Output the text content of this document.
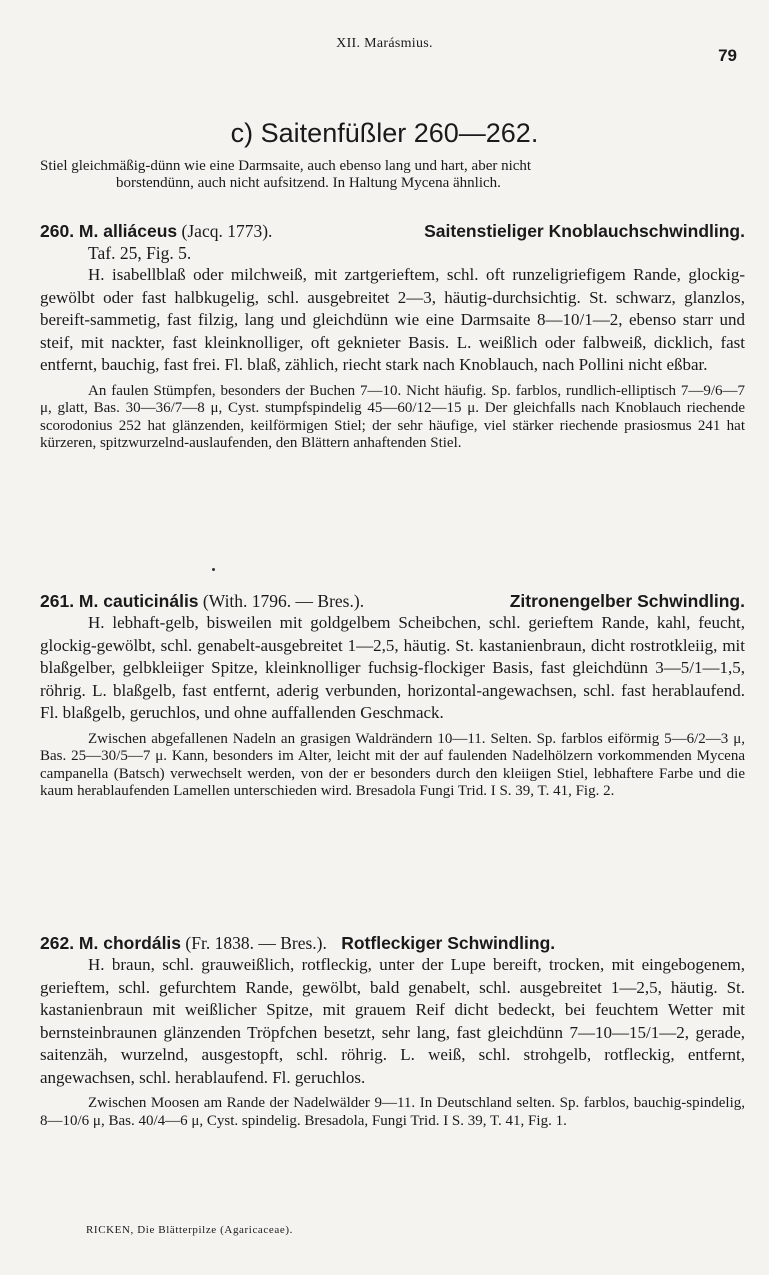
XII. Marásmius.
79
c) Saitenfüßler 260—262.
Stiel gleichmäßig-dünn wie eine Darmsaite, auch ebenso lang und hart, aber nicht
borstendünn, auch nicht aufsitzend. In Haltung Mycena ähnlich.
Saitenstieliger Knoblauchschwindling.
260. M. alliáceus (Jacq. 1773).
Taf. 25, Fig. 5.

H. isabellblaß oder milchweiß, mit zartgerieftem, schl. oft runzeligriefigem Rande, glockig-gewölbt oder fast halbkugelig, schl. ausgebreitet 2—3, häutig-durchsichtig. St. schwarz, glanzlos, bereift-sammetig, fast filzig, lang und gleichdünn wie eine Darmsaite 8—10/1—2, ebenso starr und steif, mit nackter, fast kleinknolliger, oft geknieter Basis. L. weißlich oder falbweiß, dicklich, fast entfernt, bauchig, fast frei. Fl. blaß, zählich, riecht stark nach Knoblauch, nach Pollini nicht eßbar.

An faulen Stümpfen, besonders der Buchen 7—10. Nicht häufig. Sp. farblos, rundlich-elliptisch 7—9/6—7 μ, glatt, Bas. 30—36/7—8 μ, Cyst. stumpfspindelig 45—60/12—15 μ. Der gleichfalls nach Knoblauch riechende scorodonius 252 hat glänzenden, keilförmigen Stiel; der sehr häufige, viel stärker riechende prasiosmus 241 hat kürzeren, spitzwurzelnd-auslaufenden, den Blättern anhaftenden Stiel.

Zitronengelber Schwindling.
261. M. cauticinális (With. 1796. — Bres.).

H. lebhaft-gelb, bisweilen mit goldgelbem Scheibchen, schl. gerieftem Rande, kahl, feucht, glockig-gewölbt, schl. genabelt-ausgebreitet 1—2,5, häutig. St. kastanienbraun, dicht rostrotkleiig, mit blaßgelber, gelbkleiiger Spitze, kleinknolliger fuchsig-flockiger Basis, fast gleichdünn 3—5/1—1,5, röhrig. L. blaßgelb, fast entfernt, aderig verbunden, horizontal-angewachsen, schl. fast herablaufend. Fl. blaßgelb, geruchlos, und ohne auffallenden Geschmack.

Zwischen abgefallenen Nadeln an grasigen Waldrändern 10—11. Selten. Sp. farblos eiförmig 5—6/2—3 μ, Bas. 25—30/5—7 μ. Kann, besonders im Alter, leicht mit der auf faulenden Nadelhölzern vorkommenden Mycena campanella (Batsch) verwechselt werden, von der er besonders durch den kleiigen Stiel, lebhaftere Farbe und die kaum herablaufenden Lamellen unterschieden wird. Bresadola Fungi Trid. I S. 39, T. 41, Fig. 2.

262. M. chordális (Fr. 1838. — Bres.). Rotfleckiger Schwindling.

H. braun, schl. grauweißlich, rotfleckig, unter der Lupe bereift, trocken, mit eingebogenem, gerieftem, schl. gefurchtem Rande, gewölbt, bald genabelt, schl. ausgebreitet 1—2,5, häutig. St. kastanienbraun mit weißlicher Spitze, mit grauem Reif dicht bedeckt, bei feuchtem Wetter mit bernsteinbraunen glänzenden Tröpfchen besetzt, sehr lang, fast gleichdünn 7—10—15/1—2, gerade, saitenzäh, wurzelnd, ausgestopft, schl. röhrig. L. weiß, schl. strohgelb, rotfleckig, entfernt, angewachsen, schl. herablaufend. Fl. geruchlos.

Zwischen Moosen am Rande der Nadelwälder 9—11. In Deutschland selten. Sp. farblos, bauchig-spindelig, 8—10/6 μ, Bas. 40/4—6 μ, Cyst. spindelig. Bresadola, Fungi Trid. I S. 39, T. 41, Fig. 1.

RICKEN, Die Blätterpilze (Agaricaceae).
